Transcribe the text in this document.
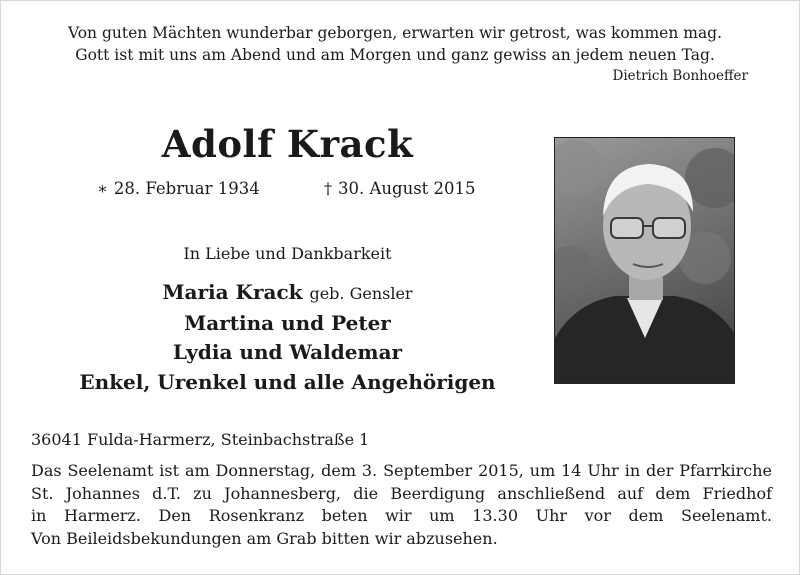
Von guten Mächten wunderbar geborgen, erwarten wir getrost, was kommen mag.
Gott ist mit uns am Abend und am Morgen und ganz gewiss an jedem neuen Tag.
Dietrich Bonhoeffer
Adolf Krack
∗ 28. Februar 1934	† 30. August 2015
In Liebe und Dankbarkeit
Maria Krack geb. Gensler
Martina und Peter
Lydia und Waldemar
Enkel, Urenkel und alle Angehörigen
36041 Fulda-Harmerz, Steinbachstraße 1
Das Seelenamt ist am Donnerstag, dem 3. September 2015, um 14 Uhr in der Pfarrkirche
St. Johannes d.T. zu Johannesberg, die Beerdigung anschließend auf dem Friedhof
in Harmerz. Den Rosenkranz beten wir um 13.30 Uhr vor dem Seelenamt.
Von Beileidsbekundungen am Grab bitten wir abzusehen.
